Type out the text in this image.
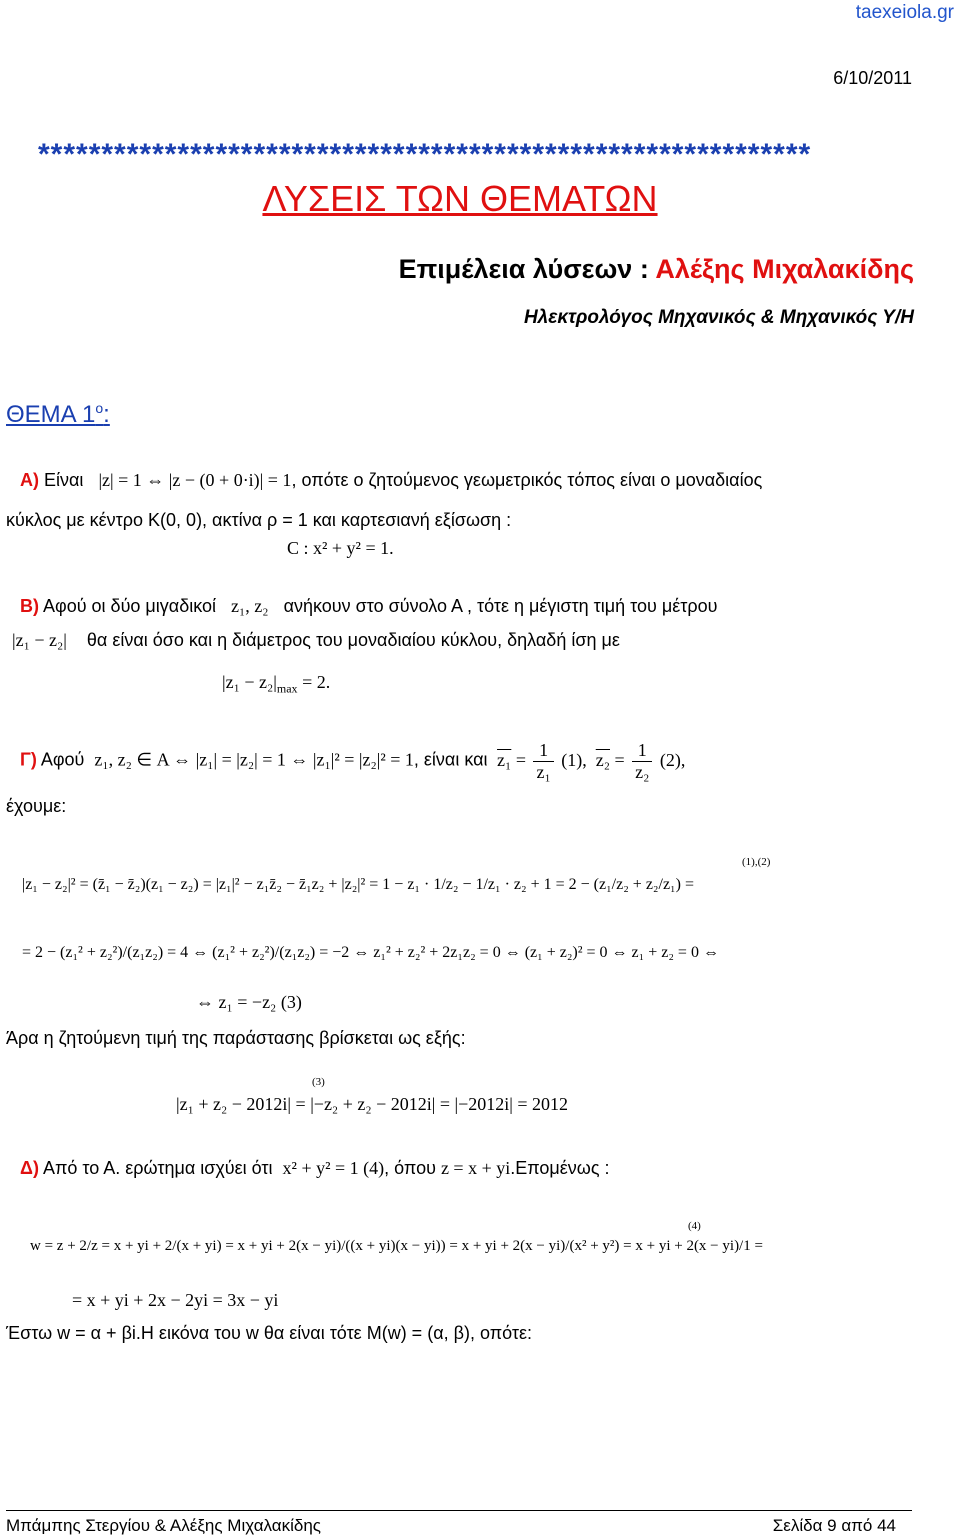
taexeiola.gr
6/10/2011
*************************************************************
ΛΥΣΕΙΣ ΤΩΝ ΘΕΜΑΤΩΝ
Επιμέλεια λύσεων : Αλέξης Μιχαλακίδης
Ηλεκτρολόγος Μηχανικός & Μηχανικός Υ/Η
ΘΕΜΑ $1^o$:
Α) Είναι |z| = 1 ⇔ |z − (0 + 0·i)| = 1, οπότε ο ζητούμενος γεωμετρικός τόπος είναι ο μοναδιαίος
κύκλος με κέντρο Κ(0, 0), ακτίνα ρ = 1 και καρτεσιανή εξίσωση :
C : x² + y² = 1.
Β) Αφού οι δύο μιγαδικοί z₁, z₂ ανήκουν στο σύνολο Α , τότε η μέγιστη τιμή του μέτρου
|z₁ − z₂| θα είναι όσο και η διάμετρος του μοναδιαίου κύκλου, δηλαδή ίση με
$|z_1 - z_2|_{max} = 2$.
Γ) Αφού z₁, z₂ ∈ Α ⇔ |z₁| = |z₂| = 1 ⇔ |z₁|² = |z₂|² = 1, είναι και $z_1 = \frac{1}{\text{z₁}} (1)$, $z_2 = \frac{1}{\text{z₂}} (2)$,
έχουμε:
(1),(2)
|z₁ − z₂|² = (z̄₁ − z̄₂)(z₁ − z₂) = |z₁|² − z₁z̄₂ − z̄₁z₂ + |z₂|² = 1 − z₁ · 1/z₂ − 1/z₁ · z₂ + 1 = 2 − (z₁/z₂ + z₂/z₁) =
= 2 − (z₁² + z₂²)/(z₁z₂) = 4 ⇔ (z₁² + z₂²)/(z₁z₂) = −2 ⇔ z₁² + z₂² + 2z₁z₂ = 0 ⇔ (z₁ + z₂)² = 0 ⇔ z₁ + z₂ = 0 ⇔
⇔ z₁ = −z₂ (3)
Άρα η ζητούμενη τιμή της παράστασης βρίσκεται ως εξής:
(3)
|z₁ + z₂ − 2012i| = |−z₂ + z₂ − 2012i| = |−2012i| = 2012
Δ) Από το Α. ερώτημα ισχύει ότι x² + y² = 1 (4), όπου z = x + yi.Επομένως :
(4)
w = z + 2/z = x + yi + 2/(x + yi) = x + yi + 2(x − yi)/((x + yi)(x − yi)) = x + yi + 2(x − yi)/(x² + y²) = x + yi + 2(x − yi)/1 =
= x + yi + 2x − 2yi = 3x − yi
Έστω w = α + βi.Η εικόνα του w θα είναι τότε Μ(w) = (α, β), οπότε:
Μπάμπης Στεργίου & Αλέξης Μιχαλακίδης	Σελίδα 9 από 44
